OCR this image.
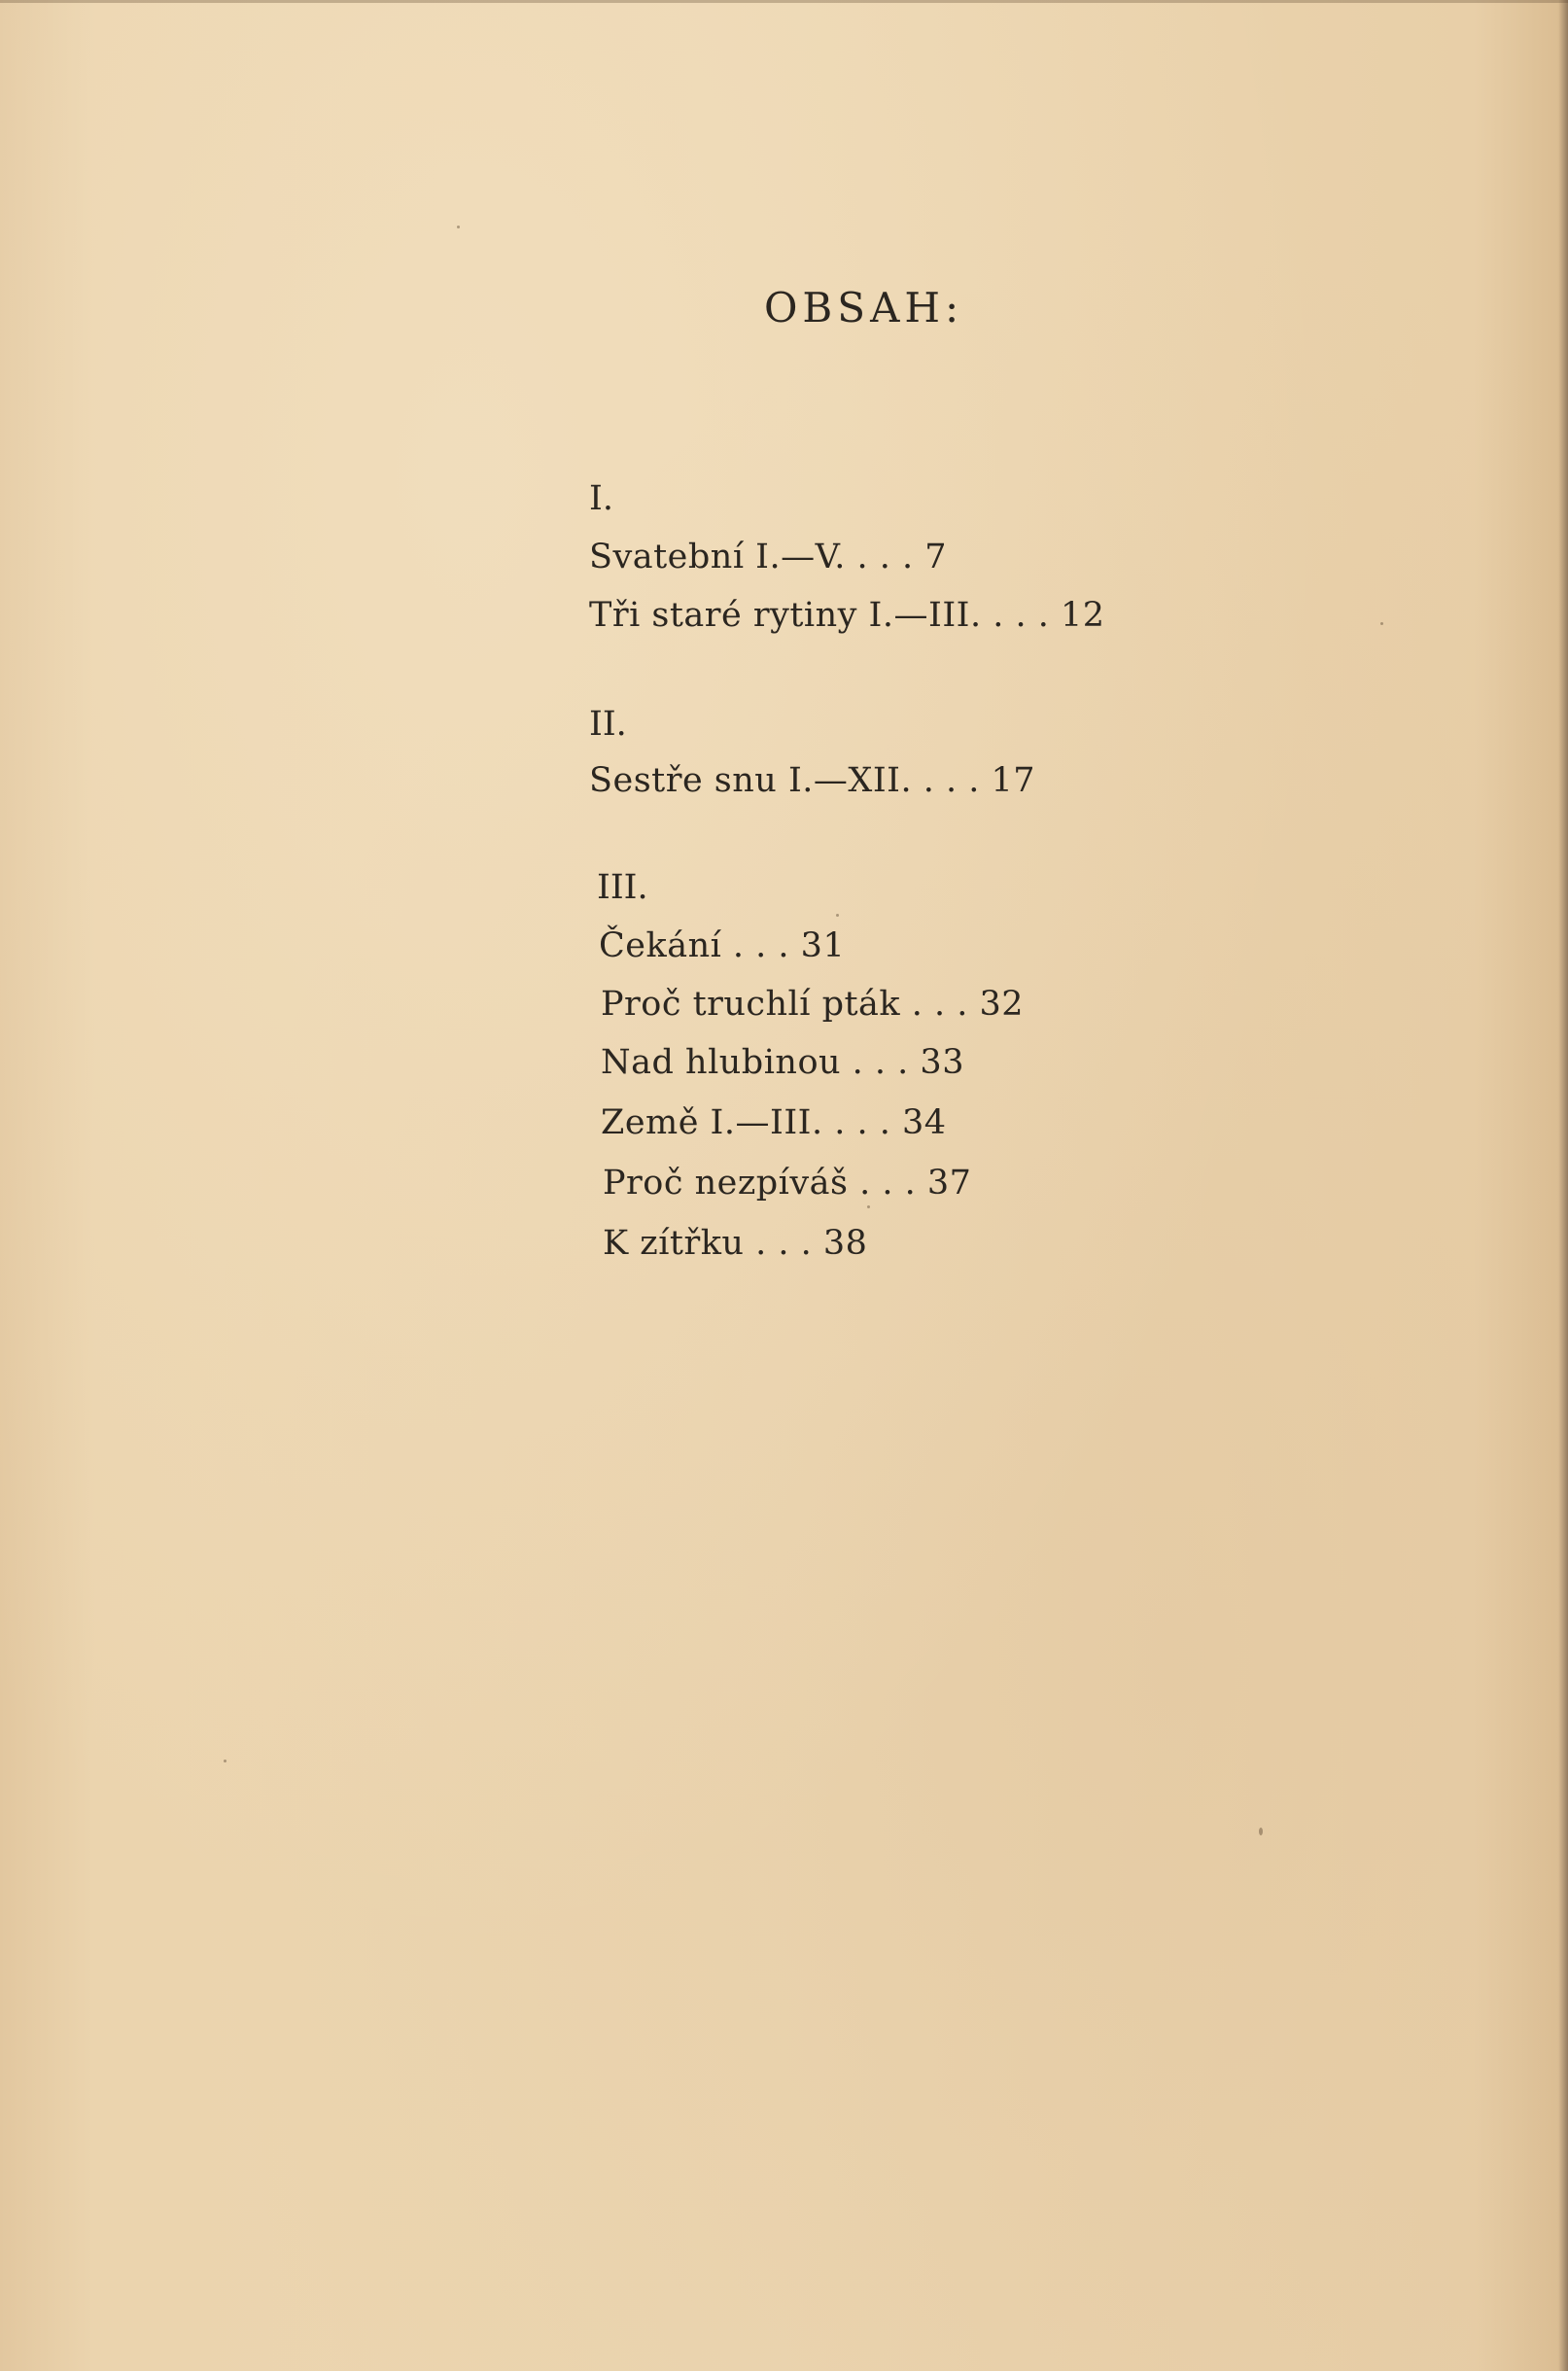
OBSAH:
I.
Svatební I.—V. . . . 7
Tři staré rytiny I.—III. . . . 12
II.
Sestře snu I.—XII. . . . 17
III.
Čekání . . . 31
Proč truchlí pták . . . 32
Nad hlubinou . . . 33
Země I.—III. . . . 34
Proč nezpíváš . . . 37
K zítřku . . . 38
